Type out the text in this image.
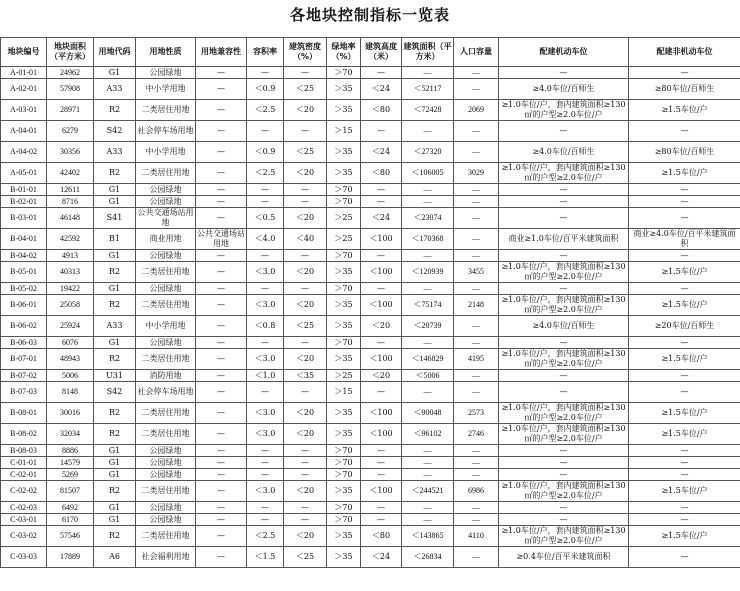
各地块控制指标一览表
地块编号	地块面积（平方米）	用地代码	用地性质	用地兼容性	容积率	建筑密度（%）	绿地率（%）	建筑高度（米）	建筑面积（平方米）	人口容量	配建机动车位	配建非机动车位
A-01-01	24962	G1	公园绿地	—	—	—	＞70	—	—	—	—	—
A-02-01	57908	A33	中小学用地	—	＜0.9	＜25	＞35	＜24	＜52117	—	≥4.0车位/百师生	≥80车位/百师生
A-03-01	28971	R2	二类居住用地	—	＜2.5	＜20	＞35	＜80	＜72428	2069	≥1.0车位/户，套内建筑面积≥130㎡的户型≥2.0车位/户	≥1.5车位/户
A-04-01	6279	S42	社会停车场用地	—	—	—	＞15	—	—	—	—	—
A-04-02	30356	A33	中小学用地	—	＜0.9	＜25	＞35	＜24	＜27320	—	≥4.0车位/百师生	≥80车位/百师生
A-05-01	42402	R2	二类居住用地	—	＜2.5	＜20	＞35	＜80	＜106005	3029	≥1.0车位/户，套内建筑面积≥130㎡的户型≥2.0车位/户	≥1.5车位/户
B-01-01	12611	G1	公园绿地	—	—	—	＞70	—	—	—	—	—
B-02-01	8716	G1	公园绿地	—	—	—	＞70	—	—	—	—	—
B-03-01	46148	S41	公共交通场站用地	—	＜0.5	＜20	＞25	＜24	＜23074	—	—	—
B-04-01	42592	B1	商业用地	公共交通场站用地	＜4.0	＜40	＞25	＜100	＜170368	—	商业≥1.0车位/百平米建筑面积	商业≥4.0车位/百平米建筑面积
B-04-02	4913	G1	公园绿地	—	—	—	＞70	—	—	—	—	—
B-05-01	40313	R2	二类居住用地	—	＜3.0	＜20	＞35	＜100	＜120939	3455	≥1.0车位/户，套内建筑面积≥130㎡的户型≥2.0车位/户	≥1.5车位/户
B-05-02	19422	G1	公园绿地	—	—	—	＞70	—	—	—	—	—
B-06-01	25058	R2	二类居住用地	—	＜3.0	＜20	＞35	＜100	＜75174	2148	≥1.0车位/户，套内建筑面积≥130㎡的户型≥2.0车位/户	≥1.5车位/户
B-06-02	25924	A33	中小学用地	—	＜0.8	＜25	＞35	＜20	＜20739	—	≥4.0车位/百师生	≥20车位/百师生
B-06-03	6076	G1	公园绿地	—	—	—	＞70	—	—	—	—	—
B-07-01	48943	R2	二类居住用地	—	＜3.0	＜20	＞35	＜100	＜146829	4195	≥1.0车位/户，套内建筑面积≥130㎡的户型≥2.0车位/户	≥1.5车位/户
B-07-02	5006	U31	消防用地	—	＜1.0	＜35	＞25	＜20	＜5006	—	—	—
B-07-03	8148	S42	社会停车场用地	—	—	—	＞15	—	—	—	—	—
B-08-01	30016	R2	二类居住用地	—	＜3.0	＜20	＞35	＜100	＜90048	2573	≥1.0车位/户，套内建筑面积≥130㎡的户型≥2.0车位/户	≥1.5车位/户
B-08-02	32034	R2	二类居住用地	—	＜3.0	＜20	＞35	＜100	＜96102	2746	≥1.0车位/户，套内建筑面积≥130㎡的户型≥2.0车位/户	≥1.5车位/户
B-08-03	8886	G1	公园绿地	—	—	—	＞70	—	—	—	—	—
C-01-01	14579	G1	公园绿地	—	—	—	＞70	—	—	—	—	—
C-02-01	5269	G1	公园绿地	—	—	—	＞70	—	—	—	—	—
C-02-02	81507	R2	二类居住用地	—	＜3.0	＜20	＞35	＜100	＜244521	6986	≥1.0车位/户，套内建筑面积≥130㎡的户型≥2.0车位/户	≥1.5车位/户
C-02-03	6492	G1	公园绿地	—	—	—	＞70	—	—	—	—	—
C-03-01	6170	G1	公园绿地	—	—	—	＞70	—	—	—	—	—
C-03-02	57546	R2	二类居住用地	—	＜2.5	＜20	＞35	＜80	＜143865	4110	≥1.0车位/户，套内建筑面积≥130㎡的户型≥2.0车位/户	≥1.5车位/户
C-03-03	17889	A6	社会福利用地	—	＜1.5	＜25	＞35	＜24	＜26834	—	≥0.4车位/百平米建筑面积	—
